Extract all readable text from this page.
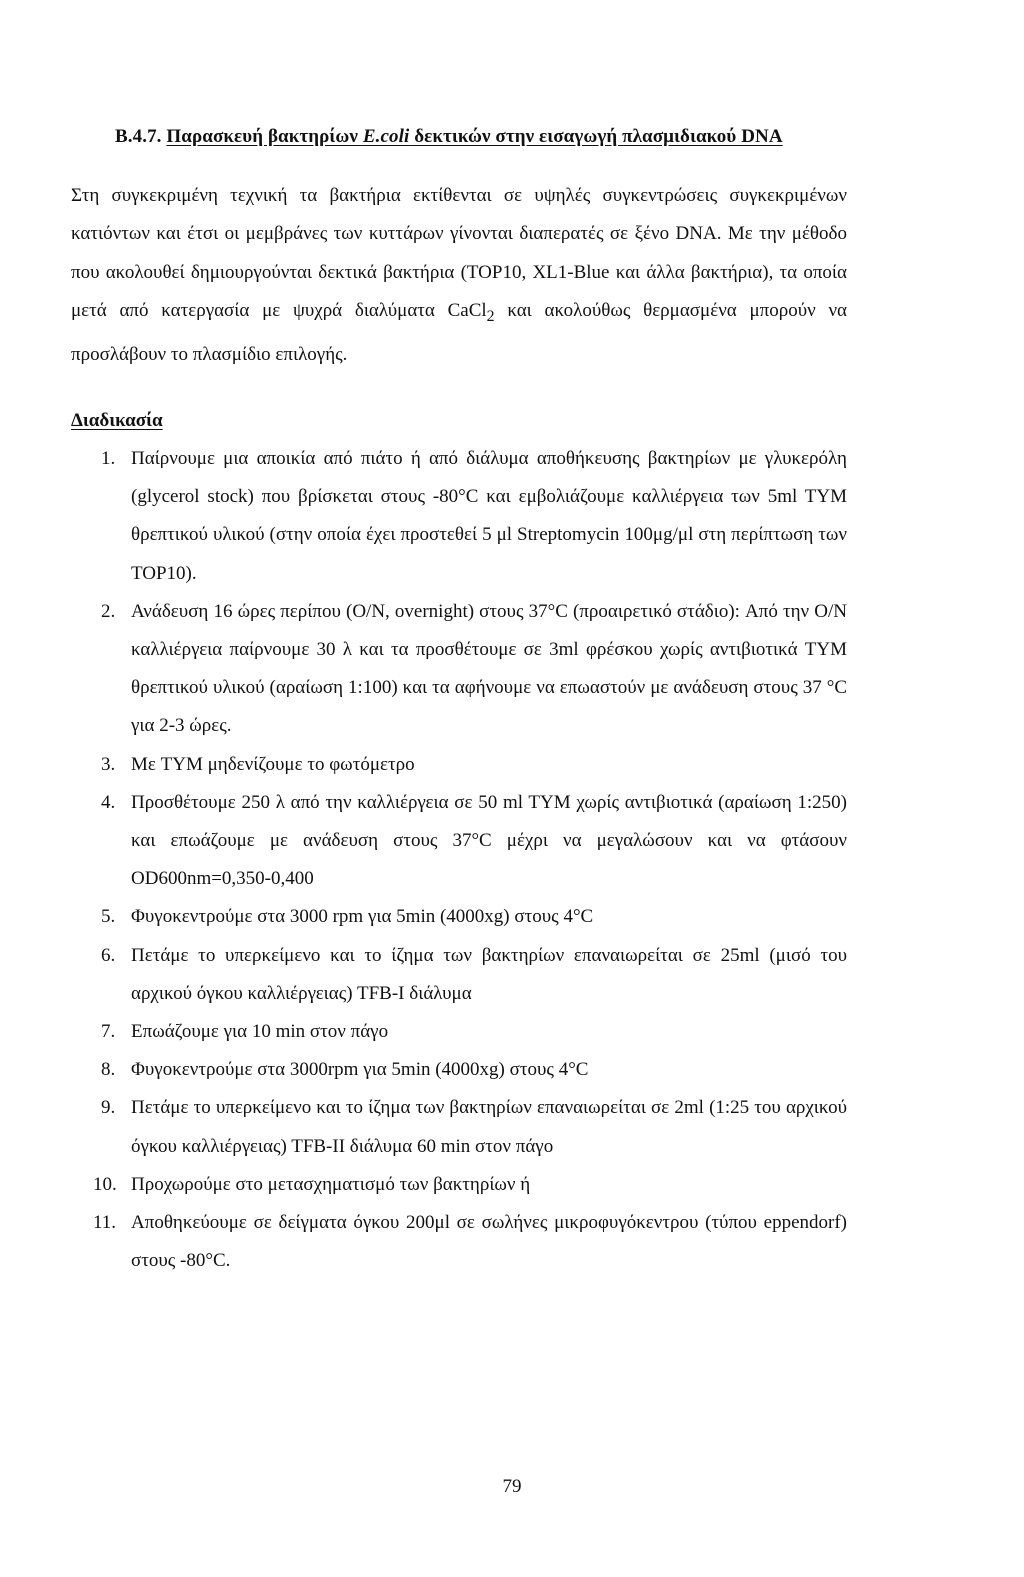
B.4.7. Παρασκευή βακτηρίων E.coli δεκτικών στην εισαγωγή πλασμιδιακού DNA
Στη συγκεκριμένη τεχνική τα βακτήρια εκτίθενται σε υψηλές συγκεντρώσεις συγκεκριμένων κατιόντων και έτσι οι μεμβράνες των κυττάρων γίνονται διαπερατές σε ξένο DNA. Με την μέθοδο που ακολουθεί δημιουργούνται δεκτικά βακτήρια (TOP10, XL1-Blue και άλλα βακτήρια), τα οποία μετά από κατεργασία με ψυχρά διαλύματα CaCl$_2$ και ακολούθως θερμασμένα μπορούν να προσλάβουν το πλασμίδιο επιλογής.
Διαδικασία
1. Παίρνουμε μια αποικία από πιάτο ή από διάλυμα αποθήκευσης βακτηρίων με γλυκερόλη (glycerol stock) που βρίσκεται στους -80°C και εμβολιάζουμε καλλιέργεια των 5ml TYM θρεπτικού υλικού (στην οποία έχει προστεθεί 5 μl Streptomycin 100μg/μl στη περίπτωση των TOP10).
2. Ανάδευση 16 ώρες περίπου (O/N, overnight) στους 37°C (προαιρετικό στάδιο): Από την O/N καλλιέργεια παίρνουμε 30 λ και τα προσθέτουμε σε 3ml φρέσκου χωρίς αντιβιοτικά TYM θρεπτικού υλικού (αραίωση 1:100) και τα αφήνουμε να επωαστούν με ανάδευση στους 37 °C για 2-3 ώρες.
3. Με TYM μηδενίζουμε το φωτόμετρο
4. Προσθέτουμε 250 λ από την καλλιέργεια σε 50 ml TYM χωρίς αντιβιοτικά (αραίωση 1:250) και επωάζουμε με ανάδευση στους 37°C μέχρι να μεγαλώσουν και να φτάσουν OD600nm=0,350-0,400
5. Φυγοκεντρούμε στα 3000 rpm για 5min (4000xg) στους 4°C
6. Πετάμε το υπερκείμενο και το ίζημα των βακτηρίων επαναιωρείται σε 25ml (μισό του αρχικού όγκου καλλιέργειας) TFB-I διάλυμα
7. Επωάζουμε για 10 min στον πάγο
8. Φυγοκεντρούμε στα 3000rpm για 5min (4000xg) στους 4°C
9. Πετάμε το υπερκείμενο και το ίζημα των βακτηρίων επαναιωρείται σε 2ml (1:25 του αρχικού όγκου καλλιέργειας) TFB-II διάλυμα 60 min στον πάγο
10. Προχωρούμε στο μετασχηματισμό των βακτηρίων ή
11. Αποθηκεύουμε σε δείγματα όγκου 200μl σε σωλήνες μικροφυγόκεντρου (τύπου eppendorf) στους -80°C.
79
